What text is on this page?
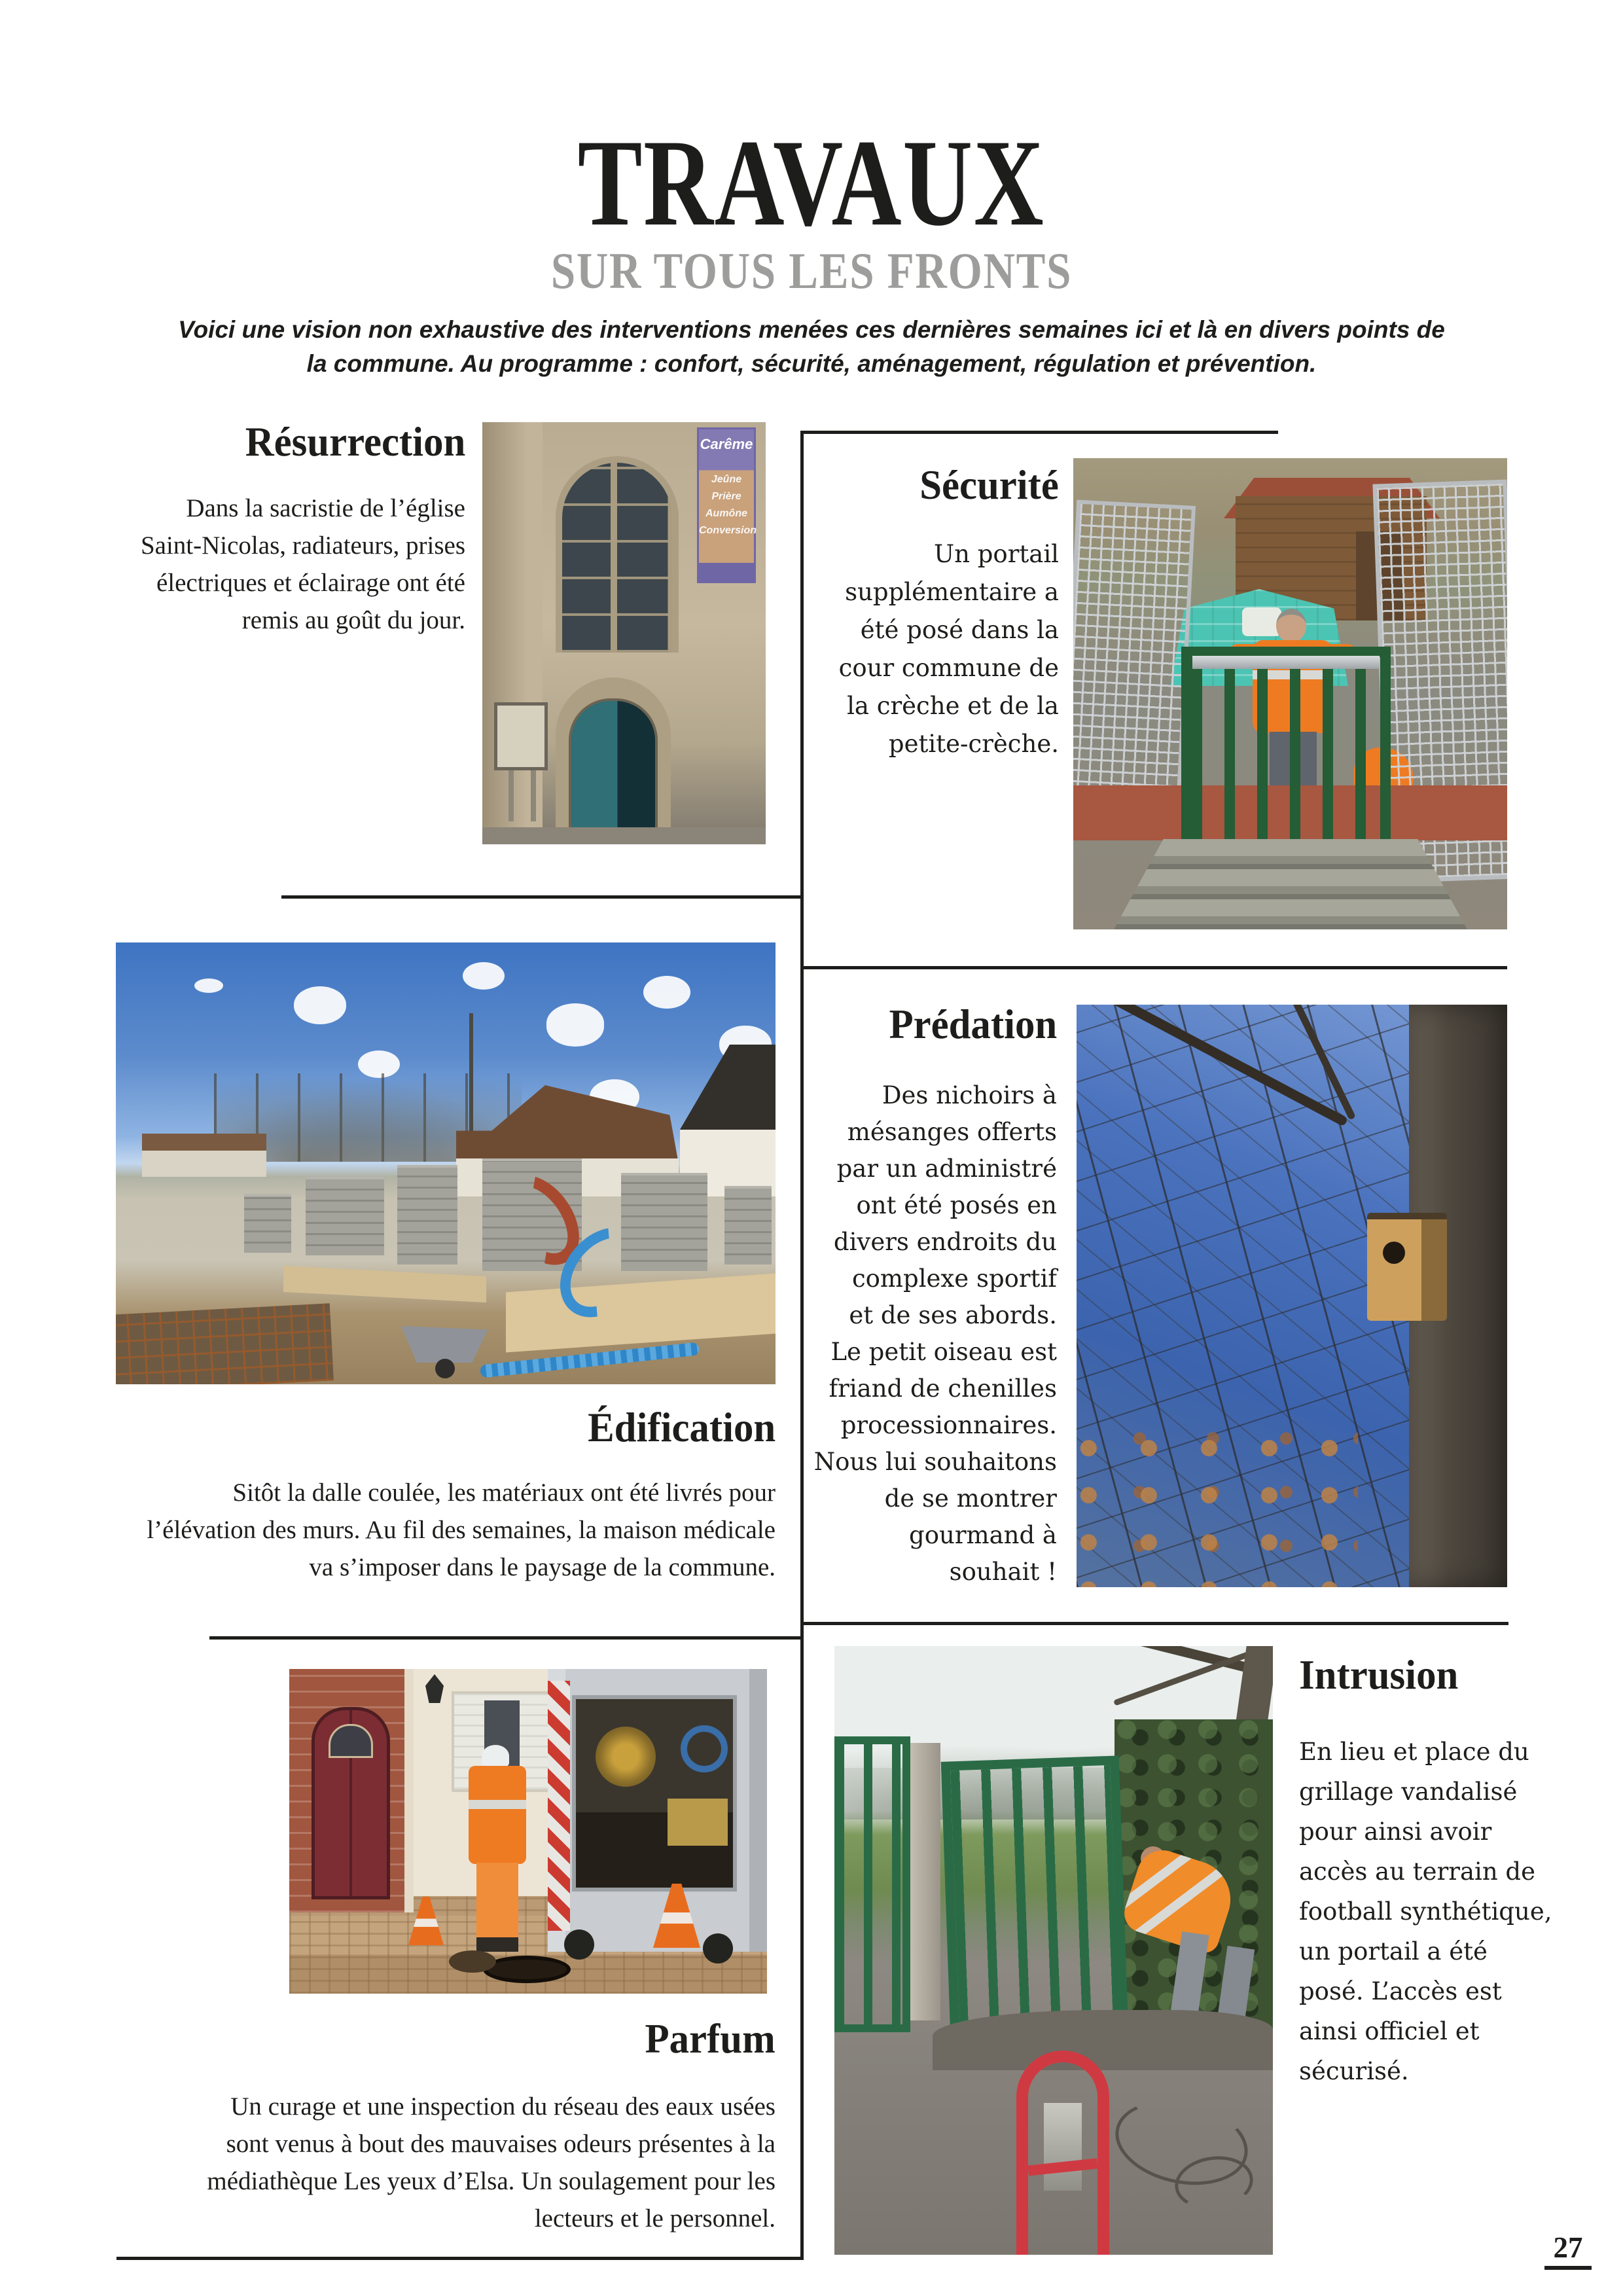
TRAVAUX
SUR TOUS LES FRONTS
Voici une vision non exhaustive des interventions menées ces dernières semaines ici et là en divers points de
la commune. Au programme : confort, sécurité, aménagement, régulation et prévention.
Résurrection
Dans la sacristie de l’église
Saint-Nicolas, radiateurs, prises
électriques et éclairage ont été
remis au goût du jour.
Carême
Jeûne
Prière
Aumône
Conversion
Sécurité
Un portail
supplémentaire a
été posé dans la
cour commune de
la crèche et de la
petite-crèche.
Prédation
Des nichoirs à
mésanges offerts
par un administré
ont été posés en
divers endroits du
complexe sportif
et de ses abords.
Le petit oiseau est
friand de chenilles
processionnaires.
Nous lui souhaitons
de se montrer
gourmand à
souhait !
Édification
Sitôt la dalle coulée, les matériaux ont été livrés pour
l’élévation des murs. Au fil des semaines, la maison médicale
va s’imposer dans le paysage de la commune.
Parfum
Un curage et une inspection du réseau des eaux usées
sont venus à bout des mauvaises odeurs présentes à la
médiathèque Les yeux d’Elsa. Un soulagement pour les
lecteurs et le personnel.
Intrusion
En lieu et place du
grillage vandalisé
pour ainsi avoir
accès au terrain de
football synthétique,
un portail a été
posé. L’accès est
ainsi officiel et
sécurisé.
27
